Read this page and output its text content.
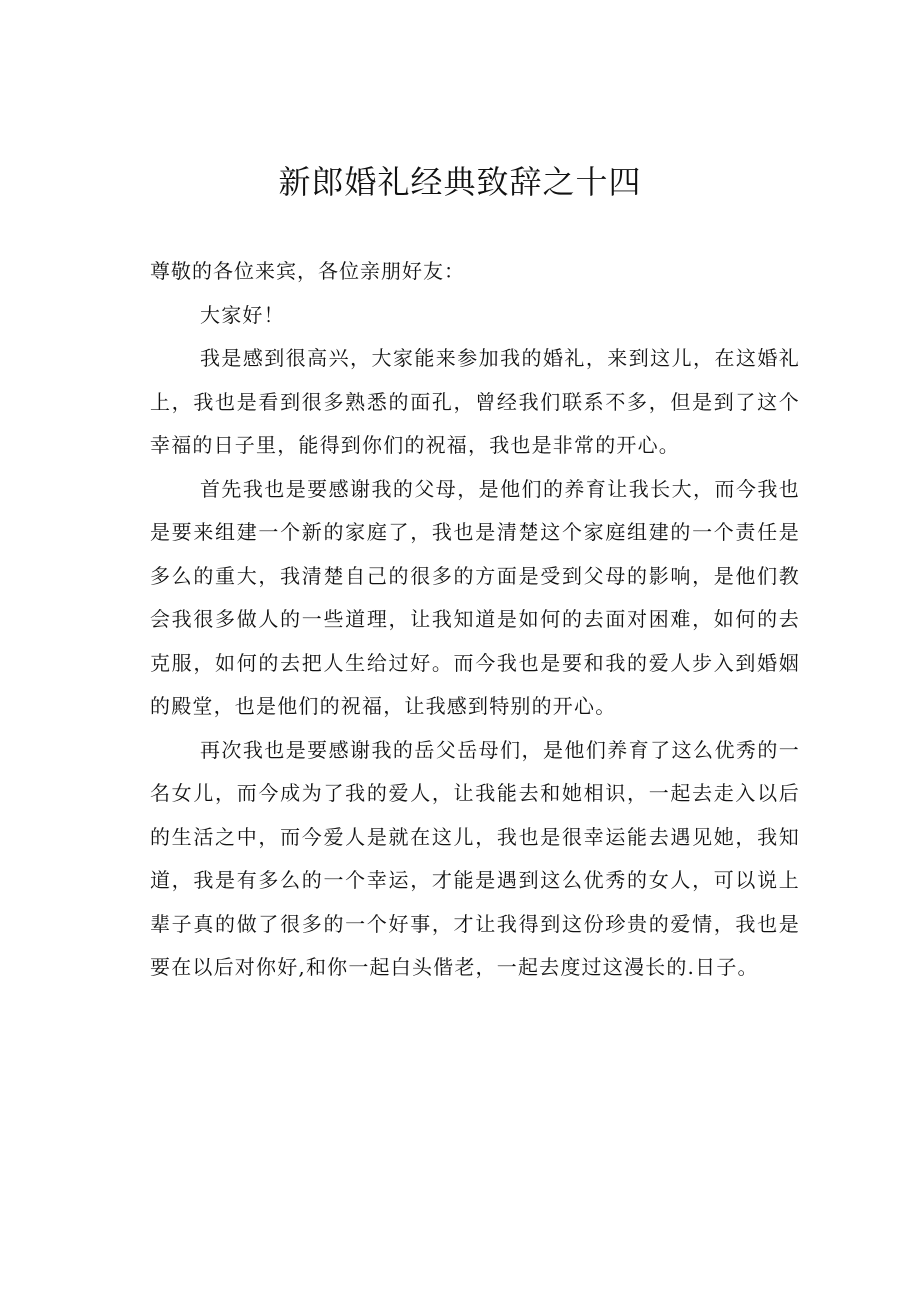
新郎婚礼经典致辞之十四

尊敬的各位来宾，各位亲朋好友：

大家好！

我是感到很高兴，大家能来参加我的婚礼，来到这儿，在这婚礼上，我也是看到很多熟悉的面孔，曾经我们联系不多，但是到了这个幸福的日子里，能得到你们的祝福，我也是非常的开心。

首先我也是要感谢我的父母，是他们的养育让我长大，而今我也是要来组建一个新的家庭了，我也是清楚这个家庭组建的一个责任是多么的重大，我清楚自己的很多的方面是受到父母的影响，是他们教会我很多做人的一些道理，让我知道是如何的去面对困难，如何的去克服，如何的去把人生给过好。而今我也是要和我的爱人步入到婚姻的殿堂，也是他们的祝福，让我感到特别的开心。

再次我也是要感谢我的岳父岳母们，是他们养育了这么优秀的一名女儿，而今成为了我的爱人，让我能去和她相识，一起去走入以后的生活之中，而今爱人是就在这儿，我也是很幸运能去遇见她，我知道，我是有多么的一个幸运，才能是遇到这么优秀的女人，可以说上辈子真的做了很多的一个好事，才让我得到这份珍贵的爱情，我也是要在以后对你好,和你一起白头偕老，一起去度过这漫长的.日子。
